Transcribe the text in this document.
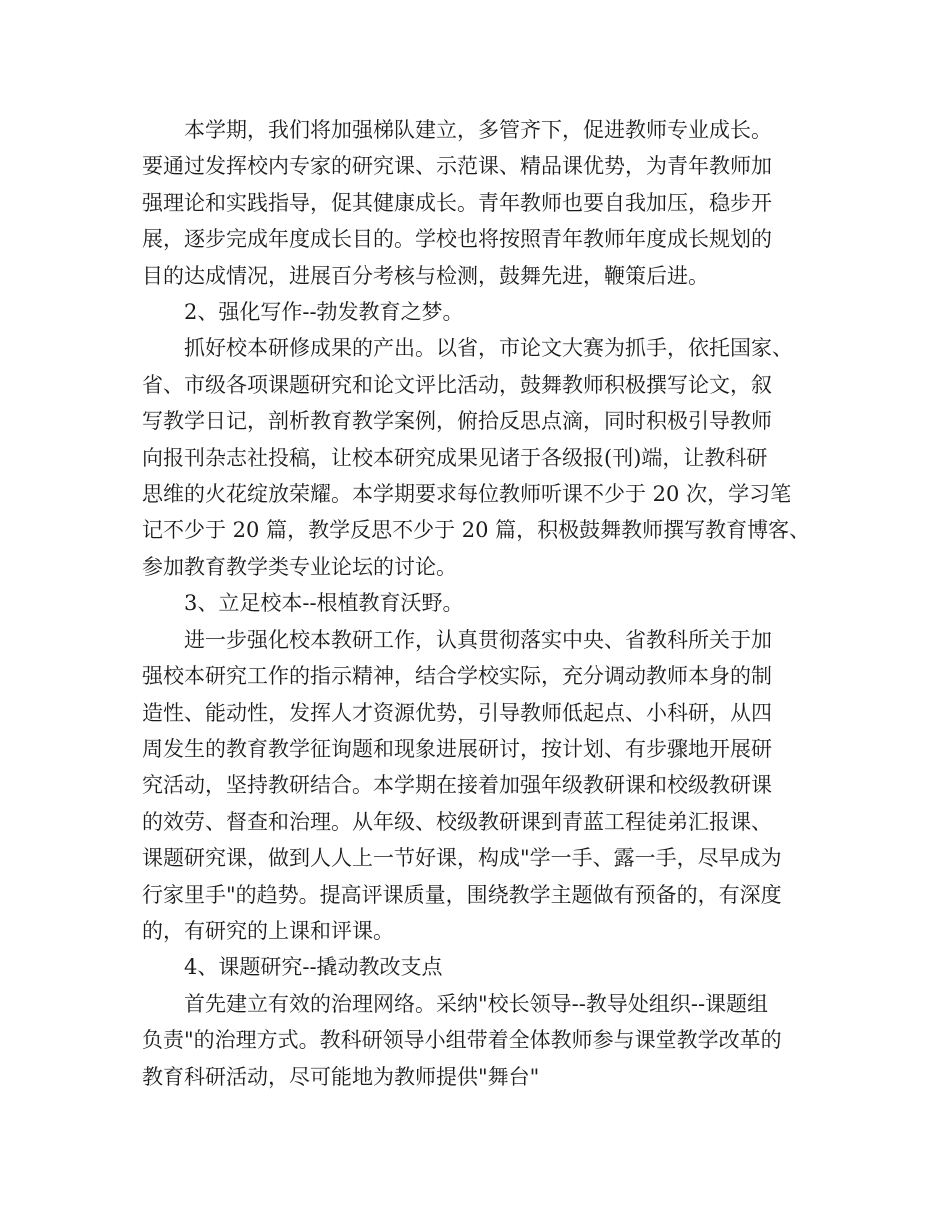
本学期，我们将加强梯队建立，多管齐下，促进教师专业成长。
要通过发挥校内专家的研究课、示范课、精品课优势，为青年教师加
强理论和实践指导，促其健康成长。青年教师也要自我加压，稳步开
展，逐步完成年度成长目的。学校也将按照青年教师年度成长规划的
目的达成情况，进展百分考核与检测，鼓舞先进，鞭策后进。

2、强化写作--勃发教育之梦。

抓好校本研修成果的产出。以省，市论文大赛为抓手，依托国家、
省、市级各项课题研究和论文评比活动，鼓舞教师积极撰写论文，叙
写教学日记，剖析教育教学案例，俯拾反思点滴，同时积极引导教师
向报刊杂志社投稿，让校本研究成果见诸于各级报(刊)端，让教科研
思维的火花绽放荣耀。本学期要求每位教师听课不少于 20 次，学习笔
记不少于 20 篇，教学反思不少于 20 篇，积极鼓舞教师撰写教育博客、
参加教育教学类专业论坛的讨论。

3、立足校本--根植教育沃野。

进一步强化校本教研工作，认真贯彻落实中央、省教科所关于加
强校本研究工作的指示精神，结合学校实际，充分调动教师本身的制
造性、能动性，发挥人才资源优势，引导教师低起点、小科研，从四
周发生的教育教学征询题和现象进展研讨，按计划、有步骤地开展研
究活动，坚持教研结合。本学期在接着加强年级教研课和校级教研课
的效劳、督查和治理。从年级、校级教研课到青蓝工程徒弟汇报课、
课题研究课，做到人人上一节好课，构成"学一手、露一手，尽早成为
行家里手"的趋势。提高评课质量，围绕教学主题做有预备的，有深度
的，有研究的上课和评课。

4、课题研究--撬动教改支点

首先建立有效的治理网络。采纳"校长领导--教导处组织--课题组
负责"的治理方式。教科研领导小组带着全体教师参与课堂教学改革的
教育科研活动，尽可能地为教师提供"舞台"
